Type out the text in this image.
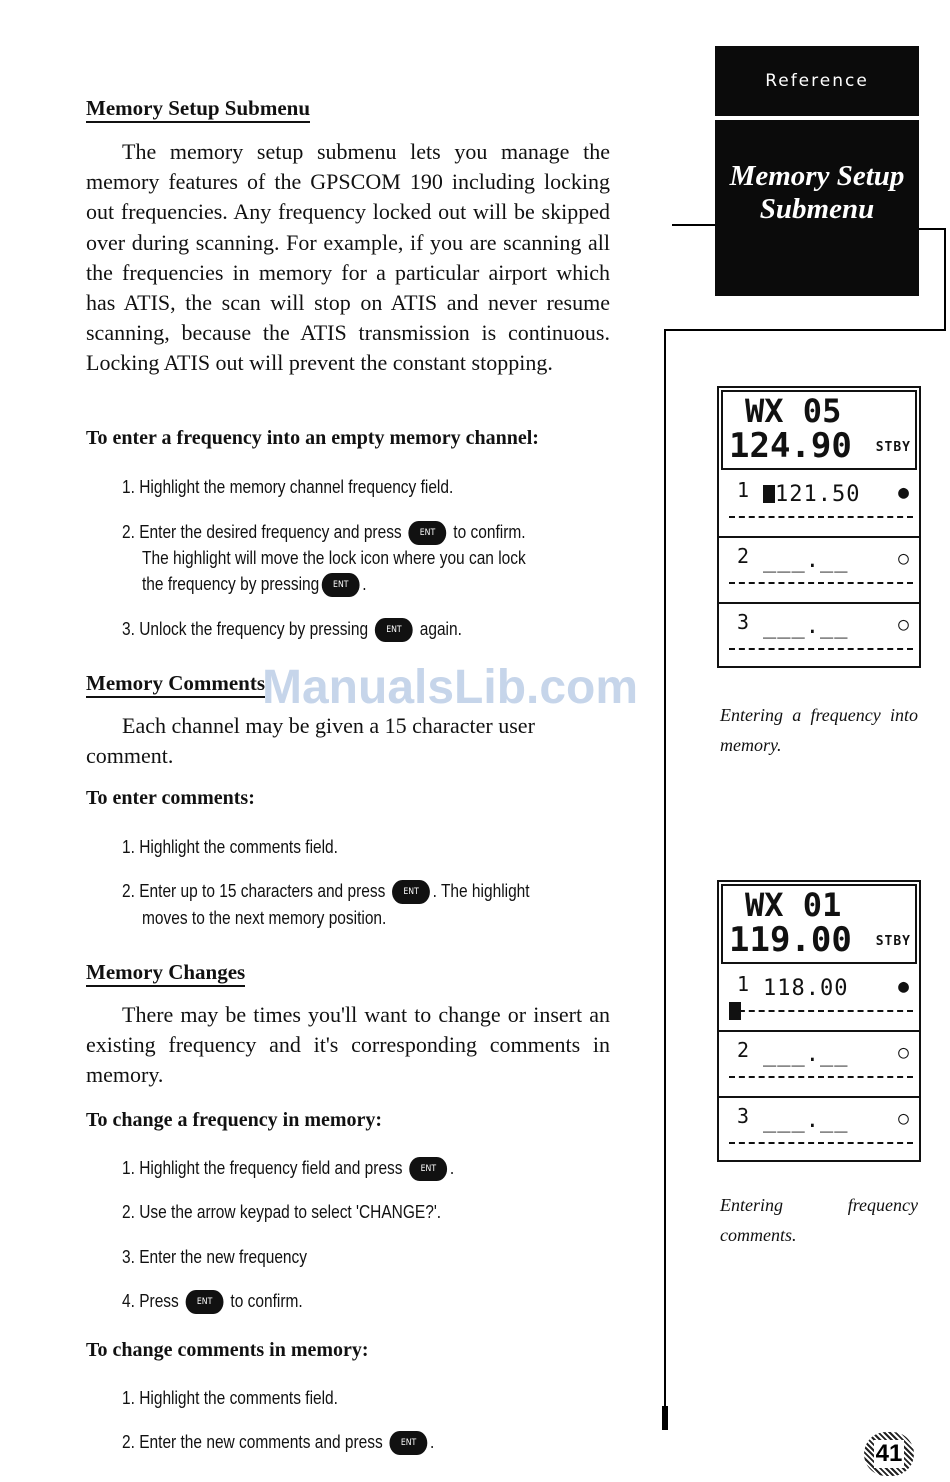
Reference
Memory Setup
Submenu
Memory Setup Submenu
The memory setup submenu lets you manage the memory features of the GPSCOM 190 including locking out frequencies. Any frequency locked out will be skipped over during scanning. For example, if you are scanning all the frequencies in memory for a particular airport which has ATIS, the scan will stop on ATIS and never resume scanning, because the ATIS transmission is continuous. Locking ATIS out will prevent the constant stopping.
To enter a frequency into an empty memory channel:
1. Highlight the memory channel frequency field.
2. Enter the desired frequency and press ENT to confirm.
The highlight will move the lock icon where you can lock
the frequency by pressing ENT .
3. Unlock the frequency by pressing ENT again.
Memory Comments
Each channel may be given a 15 character user comment.
To enter comments:
1. Highlight the comments field.
2. Enter up to 15 characters and press ENT . The highlight
moves to the next memory position.
Memory Changes
There may be times you'll want to change or insert an existing frequency and it's corresponding comments in memory.
To change a frequency in memory:
1. Highlight the frequency field and press ENT .
2. Use the arrow keypad to select 'CHANGE?'.
3. Enter the new frequency
4. Press ENT to confirm.
To change comments in memory:
1. Highlight the comments field.
2. Enter the new comments and press ENT .
WX 05
124.90 STBY
1	121.50 ●
2 ___.__	○
3 ___.__	○
Entering a frequency into memory.
WX 01
119.00 STBY
1 118.00	●
2 ___.__	○
3 ___.__	○
Entering frequency comments.
ManualsLib.com
41
